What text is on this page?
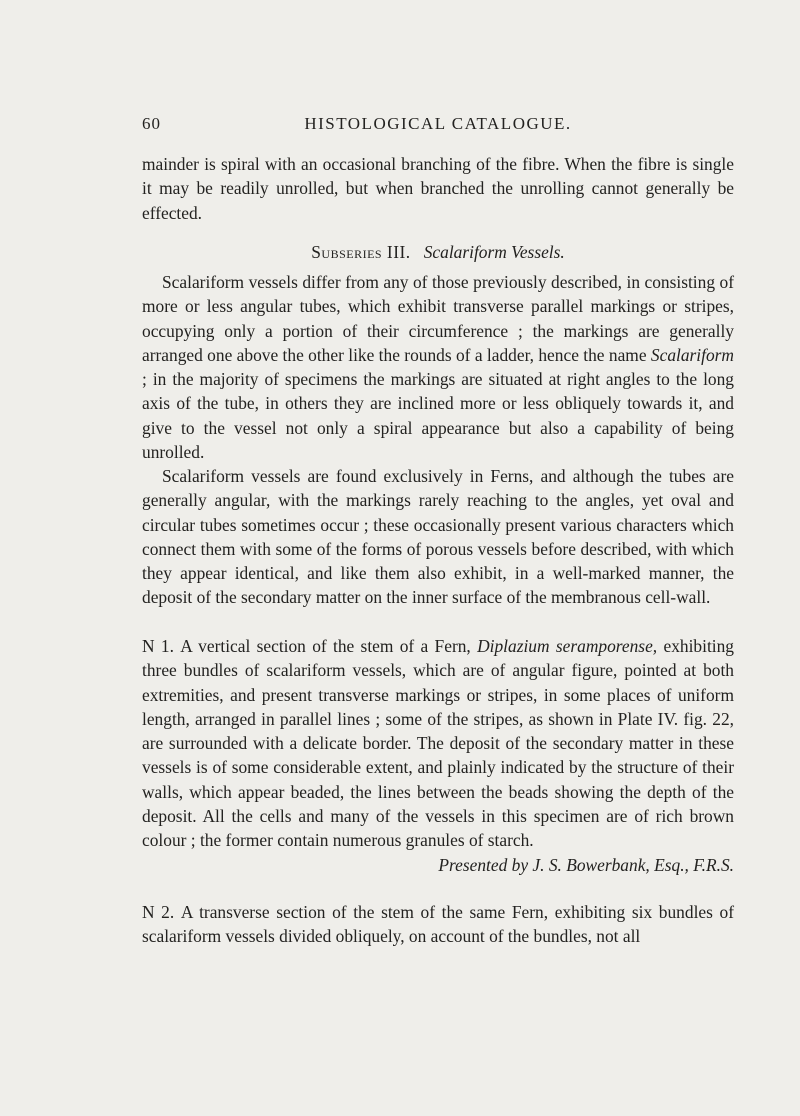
60	HISTOLOGICAL CATALOGUE.

mainder is spiral with an occasional branching of the fibre. When the fibre is single it may be readily unrolled, but when branched the unrolling cannot generally be effected.

Subseries III. Scalariform Vessels.

Scalariform vessels differ from any of those previously described, in consisting of more or less angular tubes, which exhibit transverse parallel markings or stripes, occupying only a portion of their circumference ; the markings are generally arranged one above the other like the rounds of a ladder, hence the name Scalariform ; in the majority of specimens the markings are situated at right angles to the long axis of the tube, in others they are inclined more or less obliquely towards it, and give to the vessel not only a spiral appearance but also a capability of being unrolled.

Scalariform vessels are found exclusively in Ferns, and although the tubes are generally angular, with the markings rarely reaching to the angles, yet oval and circular tubes sometimes occur ; these occasionally present various characters which connect them with some of the forms of porous vessels before described, with which they appear identical, and like them also exhibit, in a well-marked manner, the deposit of the secondary matter on the inner surface of the membranous cell-wall.

N 1. A vertical section of the stem of a Fern, Diplazium seramporense, exhibiting three bundles of scalariform vessels, which are of angular figure, pointed at both extremities, and present transverse markings or stripes, in some places of uniform length, arranged in parallel lines ; some of the stripes, as shown in Plate IV. fig. 22, are surrounded with a delicate border. The deposit of the secondary matter in these vessels is of some considerable extent, and plainly indicated by the structure of their walls, which appear beaded, the lines between the beads showing the depth of the deposit. All the cells and many of the vessels in this specimen are of rich brown colour ; the former contain numerous granules of starch.

Presented by J. S. Bowerbank, Esq., F.R.S.

N 2. A transverse section of the stem of the same Fern, exhibiting six bundles of scalariform vessels divided obliquely, on account of the bundles, not all
